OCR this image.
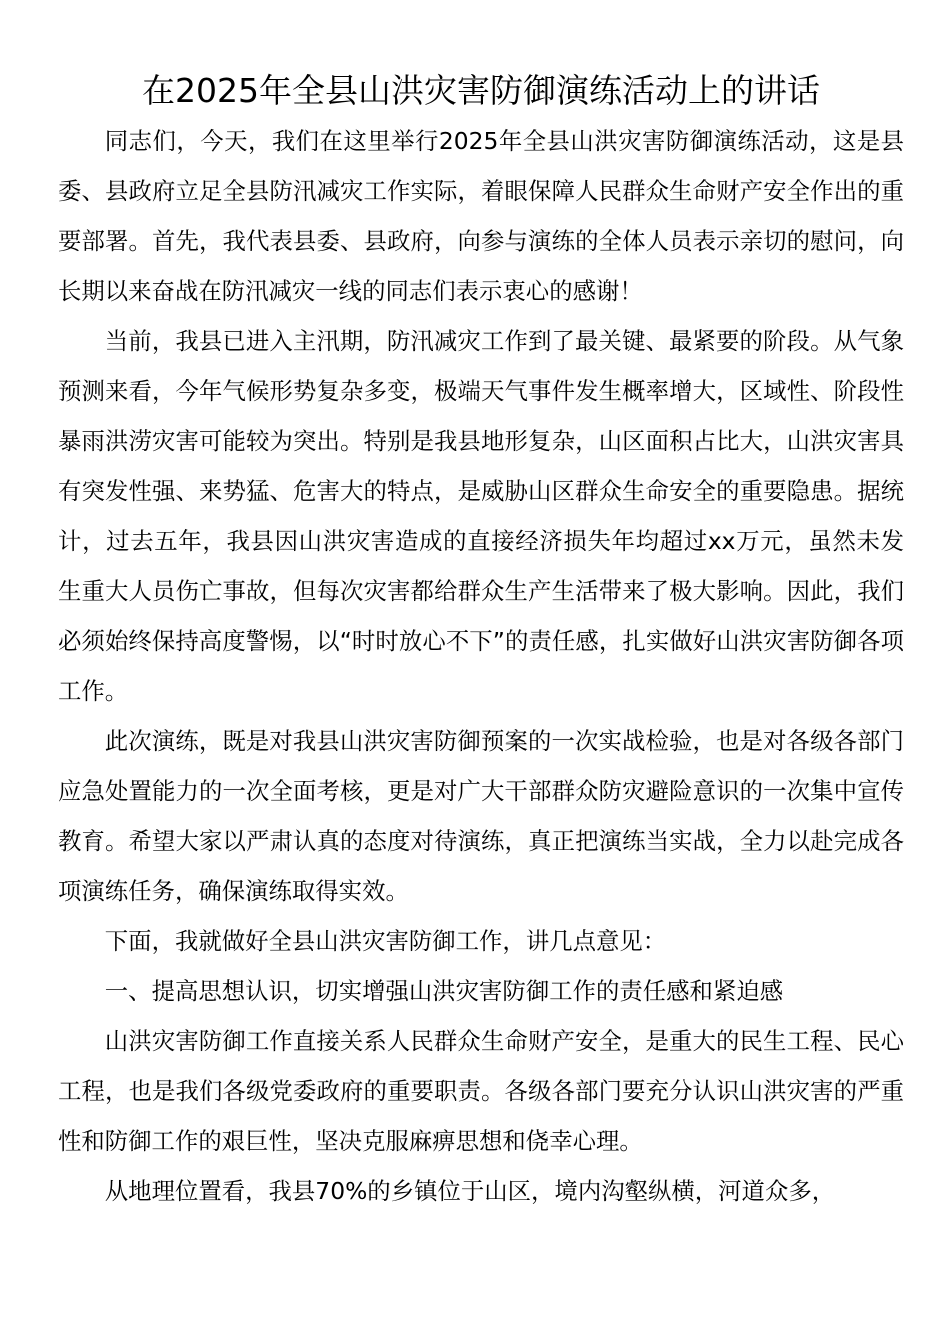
在2025年全县山洪灾害防御演练活动上的讲话

同志们，今天，我们在这里举行2025年全县山洪灾害防御演练活动，这是县委、县政府立足全县防汛减灾工作实际，着眼保障人民群众生命财产安全作出的重要部署。首先，我代表县委、县政府，向参与演练的全体人员表示亲切的慰问，向长期以来奋战在防汛减灾一线的同志们表示衷心的感谢！

当前，我县已进入主汛期，防汛减灾工作到了最关键、最紧要的阶段。从气象预测来看，今年气候形势复杂多变，极端天气事件发生概率增大，区域性、阶段性暴雨洪涝灾害可能较为突出。特别是我县地形复杂，山区面积占比大，山洪灾害具有突发性强、来势猛、危害大的特点，是威胁山区群众生命安全的重要隐患。据统计，过去五年，我县因山洪灾害造成的直接经济损失年均超过xx万元，虽然未发生重大人员伤亡事故，但每次灾害都给群众生产生活带来了极大影响。因此，我们必须始终保持高度警惕，以“时时放心不下”的责任感，扎实做好山洪灾害防御各项工作。

此次演练，既是对我县山洪灾害防御预案的一次实战检验，也是对各级各部门应急处置能力的一次全面考核，更是对广大干部群众防灾避险意识的一次集中宣传教育。希望大家以严肃认真的态度对待演练，真正把演练当实战，全力以赴完成各项演练任务，确保演练取得实效。

下面，我就做好全县山洪灾害防御工作，讲几点意见：

一、提高思想认识，切实增强山洪灾害防御工作的责任感和紧迫感

山洪灾害防御工作直接关系人民群众生命财产安全，是重大的民生工程、民心工程，也是我们各级党委政府的重要职责。各级各部门要充分认识山洪灾害的严重性和防御工作的艰巨性，坚决克服麻痹思想和侥幸心理。

从地理位置看，我县70%的乡镇位于山区，境内沟壑纵横，河道众多，
